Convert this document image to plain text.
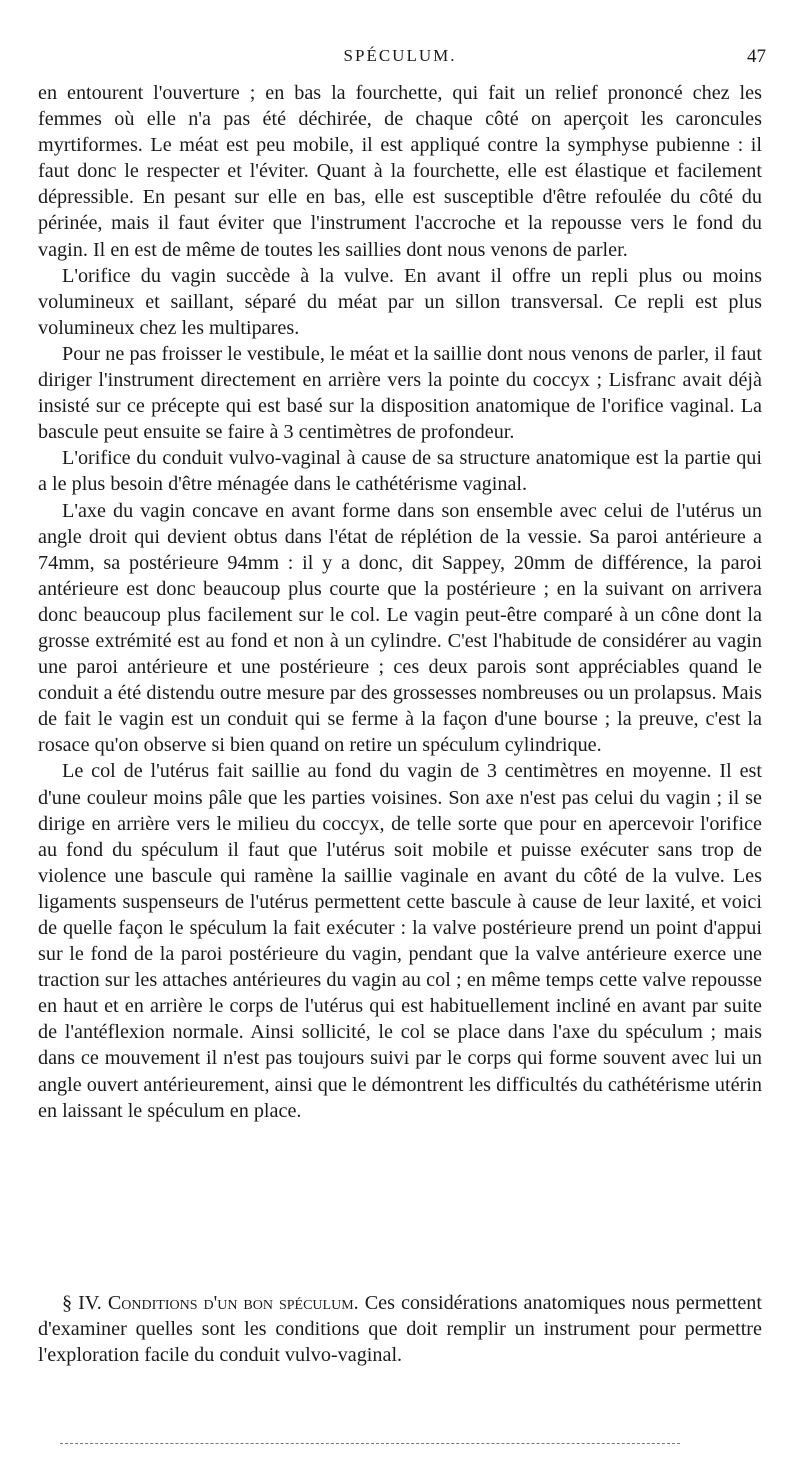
SPÉCULUM.	47

en entourent l'ouverture ; en bas la fourchette, qui fait un relief prononcé chez les femmes où elle n'a pas été déchirée, de chaque côté on aperçoit les caroncules myrtiformes. Le méat est peu mobile, il est appliqué contre la symphyse pubienne : il faut donc le respecter et l'éviter. Quant à la fourchette, elle est élastique et facilement dépressible. En pesant sur elle en bas, elle est susceptible d'être refoulée du côté du périnée, mais il faut éviter que l'instrument l'accroche et la repousse vers le fond du vagin. Il en est de même de toutes les saillies dont nous venons de parler.

L'orifice du vagin succède à la vulve. En avant il offre un repli plus ou moins volumineux et saillant, séparé du méat par un sillon transversal. Ce repli est plus volumineux chez les multipares.

Pour ne pas froisser le vestibule, le méat et la saillie dont nous venons de parler, il faut diriger l'instrument directement en arrière vers la pointe du coccyx ; Lisfranc avait déjà insisté sur ce précepte qui est basé sur la disposition anatomique de l'orifice vaginal. La bascule peut ensuite se faire à 3 centimètres de profondeur.

L'orifice du conduit vulvo-vaginal à cause de sa structure anatomique est la partie qui a le plus besoin d'être ménagée dans le cathétérisme vaginal.

L'axe du vagin concave en avant forme dans son ensemble avec celui de l'utérus un angle droit qui devient obtus dans l'état de réplétion de la vessie. Sa paroi antérieure a 74mm, sa postérieure 94mm : il y a donc, dit Sappey, 20mm de différence, la paroi antérieure est donc beaucoup plus courte que la postérieure ; en la suivant on arrivera donc beaucoup plus facilement sur le col. Le vagin peut-être comparé à un cône dont la grosse extrémité est au fond et non à un cylindre. C'est l'habitude de considérer au vagin une paroi antérieure et une postérieure ; ces deux parois sont appréciables quand le conduit a été distendu outre mesure par des grossesses nombreuses ou un prolapsus. Mais de fait le vagin est un conduit qui se ferme à la façon d'une bourse ; la preuve, c'est la rosace qu'on observe si bien quand on retire un spéculum cylindrique.

Le col de l'utérus fait saillie au fond du vagin de 3 centimètres en moyenne. Il est d'une couleur moins pâle que les parties voisines. Son axe n'est pas celui du vagin ; il se dirige en arrière vers le milieu du coccyx, de telle sorte que pour en apercevoir l'orifice au fond du spéculum il faut que l'utérus soit mobile et puisse exécuter sans trop de violence une bascule qui ramène la saillie vaginale en avant du côté de la vulve. Les ligaments suspenseurs de l'utérus permettent cette bascule à cause de leur laxité, et voici de quelle façon le spéculum la fait exécuter : la valve postérieure prend un point d'appui sur le fond de la paroi postérieure du vagin, pendant que la valve antérieure exerce une traction sur les attaches antérieures du vagin au col ; en même temps cette valve repousse en haut et en arrière le corps de l'utérus qui est habituellement incliné en avant par suite de l'antéflexion normale. Ainsi sollicité, le col se place dans l'axe du spéculum ; mais dans ce mouvement il n'est pas toujours suivi par le corps qui forme souvent avec lui un angle ouvert antérieurement, ainsi que le démontrent les difficultés du cathétérisme utérin en laissant le spéculum en place.

§ IV. Conditions d'un bon spéculum. Ces considérations anatomiques nous permettent d'examiner quelles sont les conditions que doit remplir un instrument pour permettre l'exploration facile du conduit vulvo-vaginal.
